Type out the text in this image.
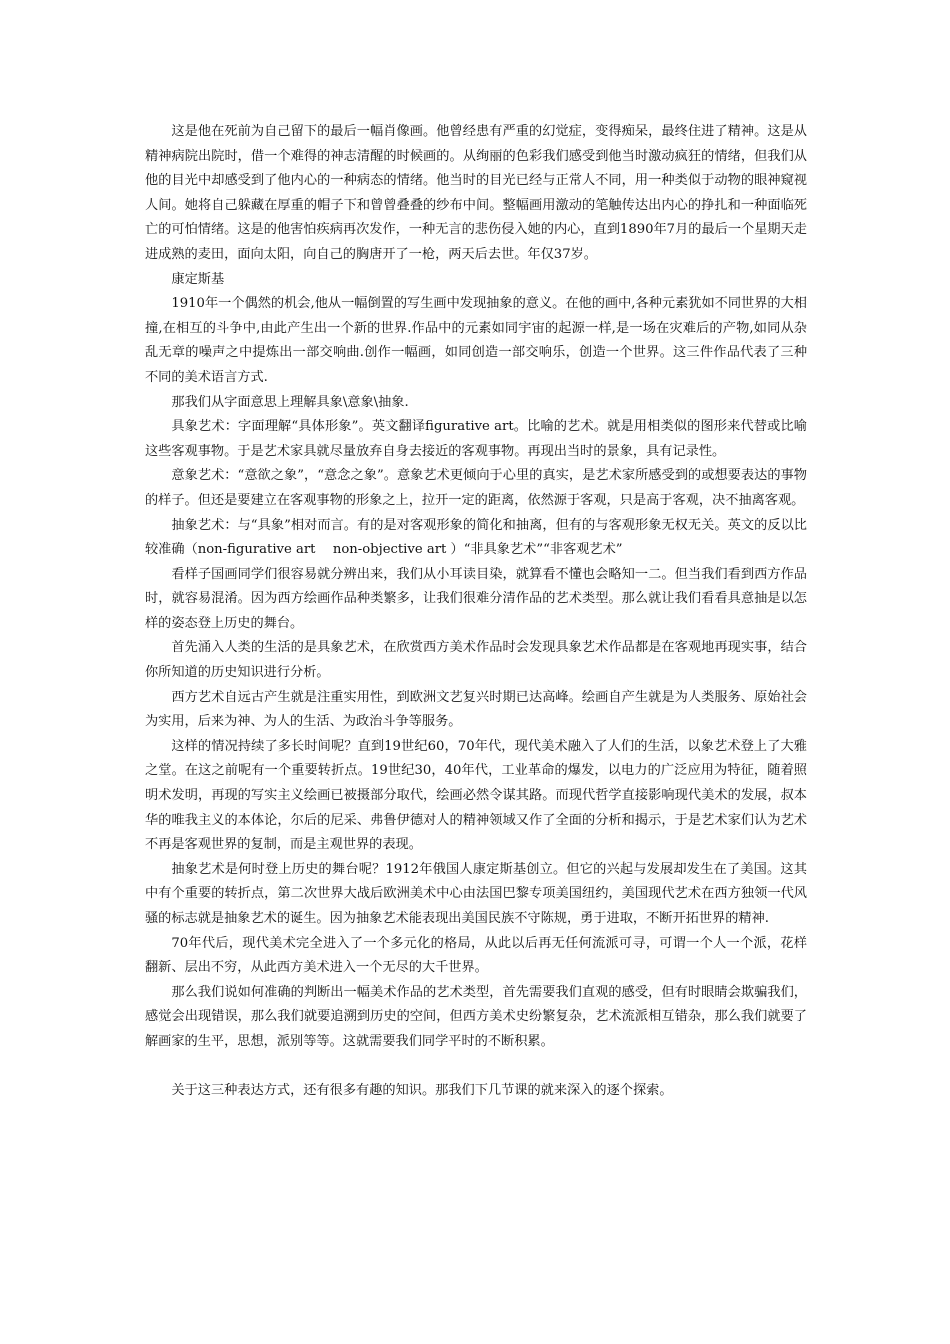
这是他在死前为自己留下的最后一幅肖像画。他曾经患有严重的幻觉症，变得痴呆，最终住进了精神。这是从精神病院出院时，借一个难得的神志清醒的时候画的。从绚丽的色彩我们感受到他当时激动疯狂的情绪，但我们从他的目光中却感受到了他内心的一种病态的情绪。他当时的目光已经与正常人不同，用一种类似于动物的眼神窥视人间。她将自己躲藏在厚重的帽子下和曾曾叠叠的纱布中间。整幅画用激动的笔触传达出内心的挣扎和一种面临死亡的可怕情绪。这是的他害怕疾病再次发作，一种无言的悲伤侵入她的内心，直到1890年7月的最后一个星期天走进成熟的麦田，面向太阳，向自己的胸唐开了一枪，两天后去世。年仅37岁。

康定斯基

1910年一个偶然的机会,他从一幅倒置的写生画中发现抽象的意义。在他的画中,各种元素犹如不同世界的大相撞,在相互的斗争中,由此产生出一个新的世界.作品中的元素如同宇宙的起源一样,是一场在灾难后的产物,如同从杂乱无章的噪声之中提炼出一部交响曲.创作一幅画，如同创造一部交响乐，创造一个世界。这三件作品代表了三种不同的美术语言方式.

那我们从字面意思上理解具象\意象\抽象.

具象艺术：字面理解“具体形象”。英文翻译figurative art。比喻的艺术。就是用相类似的图形来代替或比喻这些客观事物。于是艺术家具就尽量放弃自身去接近的客观事物。再现出当时的景象，具有记录性。

意象艺术：“意欲之象”，“意念之象”。意象艺术更倾向于心里的真实，是艺术家所感受到的或想要表达的事物的样子。但还是要建立在客观事物的形象之上，拉开一定的距离，依然源于客观，只是高于客观，决不抽离客观。

抽象艺术：与“具象”相对而言。有的是对客观形象的简化和抽离，但有的与客观形象无权无关。英文的反以比较准确（non-figurative art　 non-objective art ）“非具象艺术”“非客观艺术”

看样子国画同学们很容易就分辨出来，我们从小耳读目染，就算看不懂也会略知一二。但当我们看到西方作品时，就容易混淆。因为西方绘画作品种类繁多，让我们很难分清作品的艺术类型。那么就让我们看看具意抽是以怎样的姿态登上历史的舞台。

首先涌入人类的生活的是具象艺术，在欣赏西方美术作品时会发现具象艺术作品都是在客观地再现实事，结合你所知道的历史知识进行分析。

西方艺术自远古产生就是注重实用性，到欧洲文艺复兴时期已达高峰。绘画自产生就是为人类服务、原始社会为实用，后来为神、为人的生活、为政治斗争等服务。

这样的情况持续了多长时间呢？直到19世纪60，70年代，现代美术融入了人们的生活，以象艺术登上了大雅之堂。在这之前呢有一个重要转折点。19世纪30，40年代，工业革命的爆发，以电力的广泛应用为特征，随着照明术发明，再现的写实主义绘画已被摄部分取代，绘画必然令谋其路。而现代哲学直接影响现代美术的发展，叔本华的唯我主义的本体论，尔后的尼采、弗鲁伊德对人的精神领域又作了全面的分析和揭示，于是艺术家们认为艺术不再是客观世界的复制，而是主观世界的表现。

抽象艺术是何时登上历史的舞台呢？1912年俄国人康定斯基创立。但它的兴起与发展却发生在了美国。这其中有个重要的转折点，第二次世界大战后欧洲美术中心由法国巴黎专项美国纽约，美国现代艺术在西方独领一代风骚的标志就是抽象艺术的诞生。因为抽象艺术能表现出美国民族不守陈规，勇于进取，不断开拓世界的精神.

70年代后，现代美术完全进入了一个多元化的格局，从此以后再无任何流派可寻，可谓一个人一个派，花样翻新、层出不穷，从此西方美术进入一个无尽的大千世界。

那么我们说如何准确的判断出一幅美术作品的艺术类型，首先需要我们直观的感受，但有时眼睛会欺骗我们，感觉会出现错误，那么我们就要追溯到历史的空间，但西方美术史纷繁复杂，艺术流派相互错杂，那么我们就要了解画家的生平，思想，派别等等。这就需要我们同学平时的不断积累。

关于这三种表达方式，还有很多有趣的知识。那我们下几节课的就来深入的逐个探索。
